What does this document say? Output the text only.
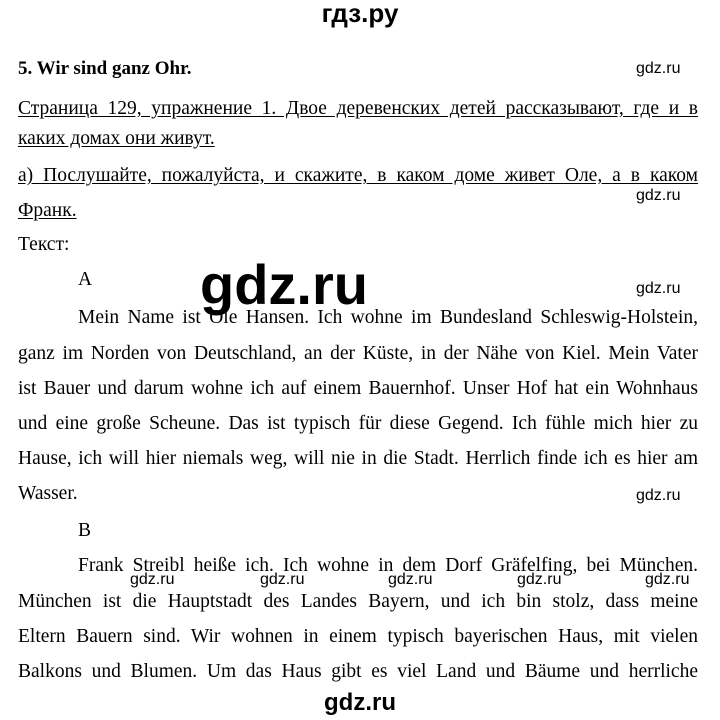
гдз.ру
5. Wir sind ganz Ohr.
Страница 129, упражнение 1. Двое деревенских детей рассказывают, где и в
каких домах они живут.
а) Послушайте, пожалуйста, и скажите, в каком доме живет Оле, а в каком
Франк.
Текст:
A
Mein Name ist Ole Hansen. Ich wohne im Bundesland Schleswig-Holstein,
ganz im Norden von Deutschland, an der Küste, in der Nähe von Kiel. Mein Vater
ist Bauer und darum wohne ich auf einem Bauernhof. Unser Hof hat ein Wohnhaus
und eine große Scheune. Das ist typisch für diese Gegend. Ich fühle mich hier zu
Hause, ich will hier niemals weg, will nie in die Stadt. Herrlich finde ich es hier am
Wasser.
B
Frank Streibl heiße ich. Ich wohne in dem Dorf Gräfelfing, bei München.
München ist die Hauptstadt des Landes Bayern, und ich bin stolz, dass meine
Eltern Bauern sind. Wir wohnen in einem typisch bayerischen Haus, mit vielen
Balkons und Blumen. Um das Haus gibt es viel Land und Bäume und herrliche
gdz.ru
gdz.ru
gdz.ru
gdz.ru
gdz.ru	gdz.ru	gdz.ru	gdz.ru	gdz.ru
gdz.ru
gdz.ru
